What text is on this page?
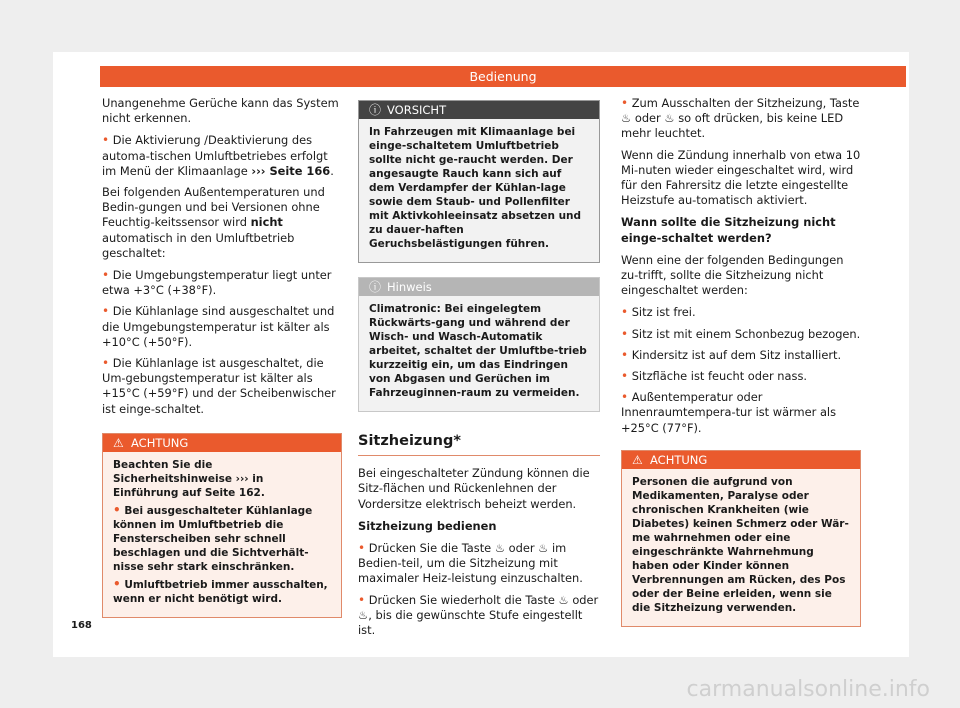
Bedienung

Unangenehme Gerüche kann das System nicht erkennen.

• Die Aktivierung /Deaktivierung des automa-tischen Umluftbetriebes erfolgt im Menü der Klimaanlage ››› Seite 166.

Bei folgenden Außentemperaturen und Bedin-gungen und bei Versionen ohne Feuchtig-keitssensor wird nicht automatisch in den Umluftbetrieb geschaltet:

• Die Umgebungstemperatur liegt unter etwa +3°C (+38°F).

• Die Kühlanlage sind ausgeschaltet und die Umgebungstemperatur ist kälter als +10°C (+50°F).

• Die Kühlanlage ist ausgeschaltet, die Um-gebungstemperatur ist kälter als +15°C (+59°F) und der Scheibenwischer ist einge-schaltet.

⚠ ACHTUNG

Beachten Sie die Sicherheitshinweise ››› in Einführung auf Seite 162.

• Bei ausgeschalteter Kühlanlage können im Umluftbetrieb die Fensterscheiben sehr schnell beschlagen und die Sichtverhält-nisse sehr stark einschränken.

• Umluftbetrieb immer ausschalten, wenn er nicht benötigt wird.

ⓘ VORSICHT

In Fahrzeugen mit Klimaanlage bei einge-schaltetem Umluftbetrieb sollte nicht ge-raucht werden. Der angesaugte Rauch kann sich auf dem Verdampfer der Kühlan-lage sowie dem Staub- und Pollenfilter mit Aktivkohleeinsatz absetzen und zu dauer-haften Geruchsbelästigungen führen.

ⓘ Hinweis

Climatronic: Bei eingelegtem Rückwärts-gang und während der Wisch- und Wasch-Automatik arbeitet, schaltet der Umluftbe-trieb kurzzeitig ein, um das Eindringen von Abgasen und Gerüchen im Fahrzeuginnen-raum zu vermeiden.

Sitzheizung*

Bei eingeschalteter Zündung können die Sitz-flächen und Rückenlehnen der Vordersitze elektrisch beheizt werden.

Sitzheizung bedienen

• Drücken Sie die Taste ♨ oder ♨ im Bedien-teil, um die Sitzheizung mit maximaler Heiz-leistung einzuschalten.

• Drücken Sie wiederholt die Taste ♨ oder ♨, bis die gewünschte Stufe eingestellt ist.

• Zum Ausschalten der Sitzheizung, Taste ♨ oder ♨ so oft drücken, bis keine LED mehr leuchtet.

Wenn die Zündung innerhalb von etwa 10 Mi-nuten wieder eingeschaltet wird, wird für den Fahrersitz die letzte eingestellte Heizstufe au-tomatisch aktiviert.

Wann sollte die Sitzheizung nicht einge-schaltet werden?

Wenn eine der folgenden Bedingungen zu-trifft, sollte die Sitzheizung nicht eingeschaltet werden:

• Sitz ist frei.

• Sitz ist mit einem Schonbezug bezogen.

• Kindersitz ist auf dem Sitz installiert.

• Sitzfläche ist feucht oder nass.

• Außentemperatur oder Innenraumtempera-tur ist wärmer als +25°C (77°F).

⚠ ACHTUNG

Personen die aufgrund von Medikamenten, Paralyse oder chronischen Krankheiten (wie Diabetes) keinen Schmerz oder Wär-me wahrnehmen oder eine eingeschränkte Wahrnehmung haben oder Kinder können Verbrennungen am Rücken, des Pos oder der Beine erleiden, wenn sie die Sitzheizung verwenden.

168
carmanualsonline.info
